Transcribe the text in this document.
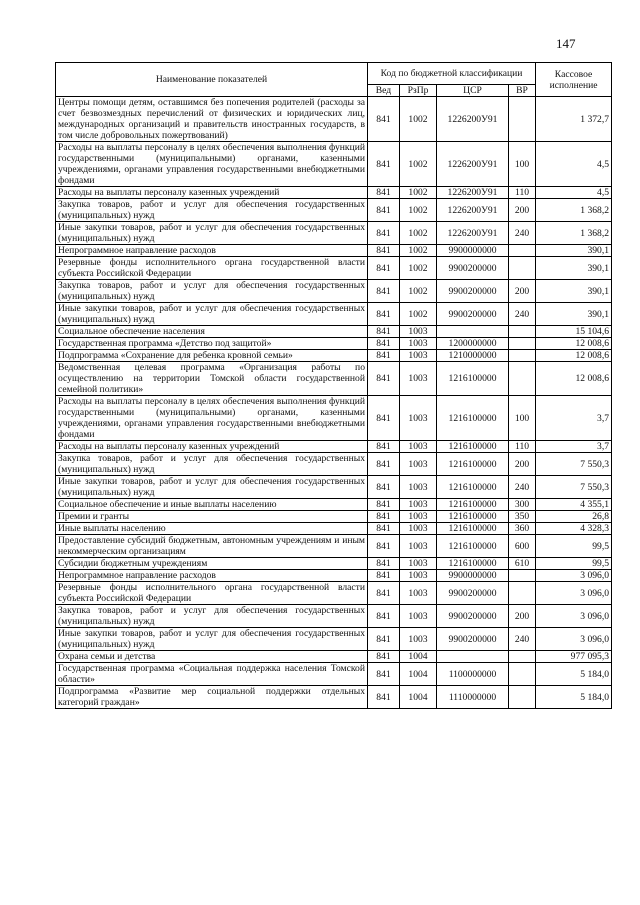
147
Наименование показателей	Код по бюджетной классификации				Кассовое исполнение
	Вед	РзПр	ЦСР	ВР	
Центры помощи детям, оставшимся без попечения родителей (расходы за счет безвозмездных перечислений от физических и юридических лиц, международных организаций и правительств иностранных государств, в том числе добровольных пожертвований)	841	1002	1226200У91		1 372,7
Расходы на выплаты персоналу в целях обеспечения выполнения функций государственными (муниципальными) органами, казенными учреждениями, органами управления государственными внебюджетными фондами	841	1002	1226200У91	100	4,5
Расходы на выплаты персоналу казенных учреждений	841	1002	1226200У91	110	4,5
Закупка товаров, работ и услуг для обеспечения государственных (муниципальных) нужд	841	1002	1226200У91	200	1 368,2
Иные закупки товаров, работ и услуг для обеспечения государственных (муниципальных) нужд	841	1002	1226200У91	240	1 368,2
Непрограммное направление расходов	841	1002	9900000000		390,1
Резервные фонды исполнительного органа государственной власти субъекта Российской Федерации	841	1002	9900200000		390,1
Закупка товаров, работ и услуг для обеспечения государственных (муниципальных) нужд	841	1002	9900200000	200	390,1
Иные закупки товаров, работ и услуг для обеспечения государственных (муниципальных) нужд	841	1002	9900200000	240	390,1
Социальное обеспечение населения	841	1003			15 104,6
Государственная программа «Детство под защитой»	841	1003	1200000000		12 008,6
Подпрограмма «Сохранение для ребенка кровной семьи»	841	1003	1210000000		12 008,6
Ведомственная целевая программа «Организация работы по осуществлению на территории Томской области государственной семейной политики»	841	1003	1216100000		12 008,6
Расходы на выплаты персоналу в целях обеспечения выполнения функций государственными (муниципальными) органами, казенными учреждениями, органами управления государственными внебюджетными фондами	841	1003	1216100000	100	3,7
Расходы на выплаты персоналу казенных учреждений	841	1003	1216100000	110	3,7
Закупка товаров, работ и услуг для обеспечения государственных (муниципальных) нужд	841	1003	1216100000	200	7 550,3
Иные закупки товаров, работ и услуг для обеспечения государственных (муниципальных) нужд	841	1003	1216100000	240	7 550,3
Социальное обеспечение и иные выплаты населению	841	1003	1216100000	300	4 355,1
Премии и гранты	841	1003	1216100000	350	26,8
Иные выплаты населению	841	1003	1216100000	360	4 328,3
Предоставление субсидий бюджетным, автономным учреждениям и иным некоммерческим организациям	841	1003	1216100000	600	99,5
Субсидии бюджетным учреждениям	841	1003	1216100000	610	99,5
Непрограммное направление расходов	841	1003	9900000000		3 096,0
Резервные фонды исполнительного органа государственной власти субъекта Российской Федерации	841	1003	9900200000		3 096,0
Закупка товаров, работ и услуг для обеспечения государственных (муниципальных) нужд	841	1003	9900200000	200	3 096,0
Иные закупки товаров, работ и услуг для обеспечения государственных (муниципальных) нужд	841	1003	9900200000	240	3 096,0
Охрана семьи и детства	841	1004			977 095,3
Государственная программа «Социальная поддержка населения Томской области»	841	1004	1100000000		5 184,0
Подпрограмма «Развитие мер социальной поддержки отдельных категорий граждан»	841	1004	1110000000		5 184,0
